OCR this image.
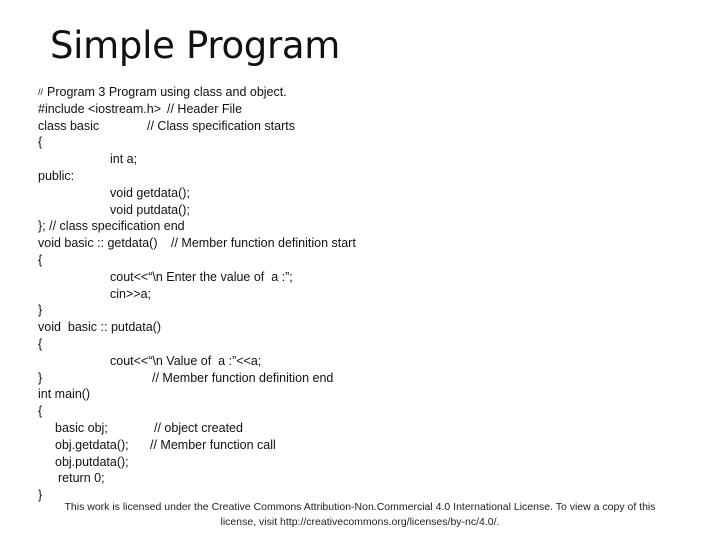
Simple Program

//

Program 3 Program using class and object.

#include <iostream.h>

// Header File

class basic

	// Class specification starts

{

int a;

public:

void getdata();

void putdata();

}; // class specification end

void basic :: getdata()

// Member function definition start

{

cout<<“\n Enter the value of  a :”;

cin>>a;

}

void  basic :: putdata()

{

cout<<“\n Value of  a :”<<a;

}

	// Member function definition end

int main()

{

basic obj;

	// object created

obj.getdata();

// Member function call

obj.putdata();

return 0;

}

This work is licensed under the Creative Commons Attribution-Non.Commercial 4.0 International License. To view a copy of this
license, visit http://creativecommons.org/licenses/by-nc/4.0/.
